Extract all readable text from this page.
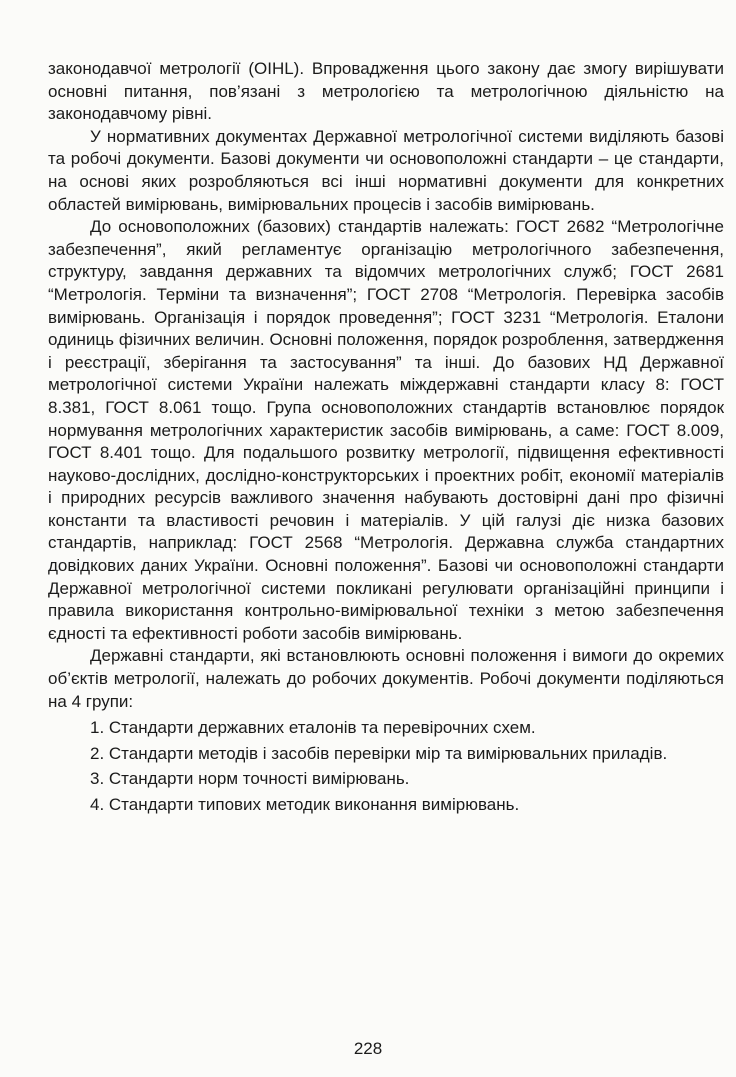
законодавчої метрології (OIHL). Впровадження цього закону дає змогу вирішувати основні питання, пов’язані з метрологією та метрологічною діяльністю на законодавчому рівні.

У нормативних документах Державної метрологічної системи виділяють базові та робочі документи. Базові документи чи основоположні стандарти – це стандарти, на основі яких розробляються всі інші нормативні документи для конкретних областей вимірювань, вимірювальних процесів і засобів вимірювань.

До основоположних (базових) стандартів належать: ГОСТ 2682 “Метрологічне забезпечення”, який регламентує організацію метрологічного забезпечення, структуру, завдання державних та відомчих метрологічних служб; ГОСТ 2681 “Метрологія. Терміни та визначення”; ГОСТ 2708 “Метрологія. Перевірка засобів вимірювань. Організація і порядок проведення”; ГОСТ 3231 “Метрологія. Еталони одиниць фізичних величин. Основні положення, порядок розроблення, затвердження і реєстрації, зберігання та застосування” та інші. До базових НД Державної метрологічної системи України належать міждержавні стандарти класу 8: ГОСТ 8.381, ГОСТ 8.061 тощо. Група основоположних стандартів встановлює порядок нормування метрологічних характеристик засобів вимірювань, а саме: ГОСТ 8.009, ГОСТ 8.401 тощо. Для подальшого розвитку метрології, підвищення ефективності науково-дослідних, дослідно-конструкторських і проектних робіт, економії матеріалів і природних ресурсів важливого значення набувають достовірні дані про фізичні константи та властивості речовин і матеріалів. У цій галузі діє низка базових стандартів, наприклад: ГОСТ 2568 “Метрологія. Державна служба стандартних довідкових даних України. Основні положення”. Базові чи основоположні стандарти Державної метрологічної системи покликані регулювати організаційні принципи і правила використання контрольно-вимірювальної техніки з метою забезпечення єдності та ефективності роботи засобів вимірювань.

Державні стандарти, які встановлюють основні положення і вимоги до окремих об’єктів метрології, належать до робочих документів. Робочі документи поділяються на 4 групи:

1. Стандарти державних еталонів та перевірочних схем.
2. Стандарти методів і засобів перевірки мір та вимірювальних приладів.
3. Стандарти норм точності вимірювань.
4. Стандарти типових методик виконання вимірювань.
228
